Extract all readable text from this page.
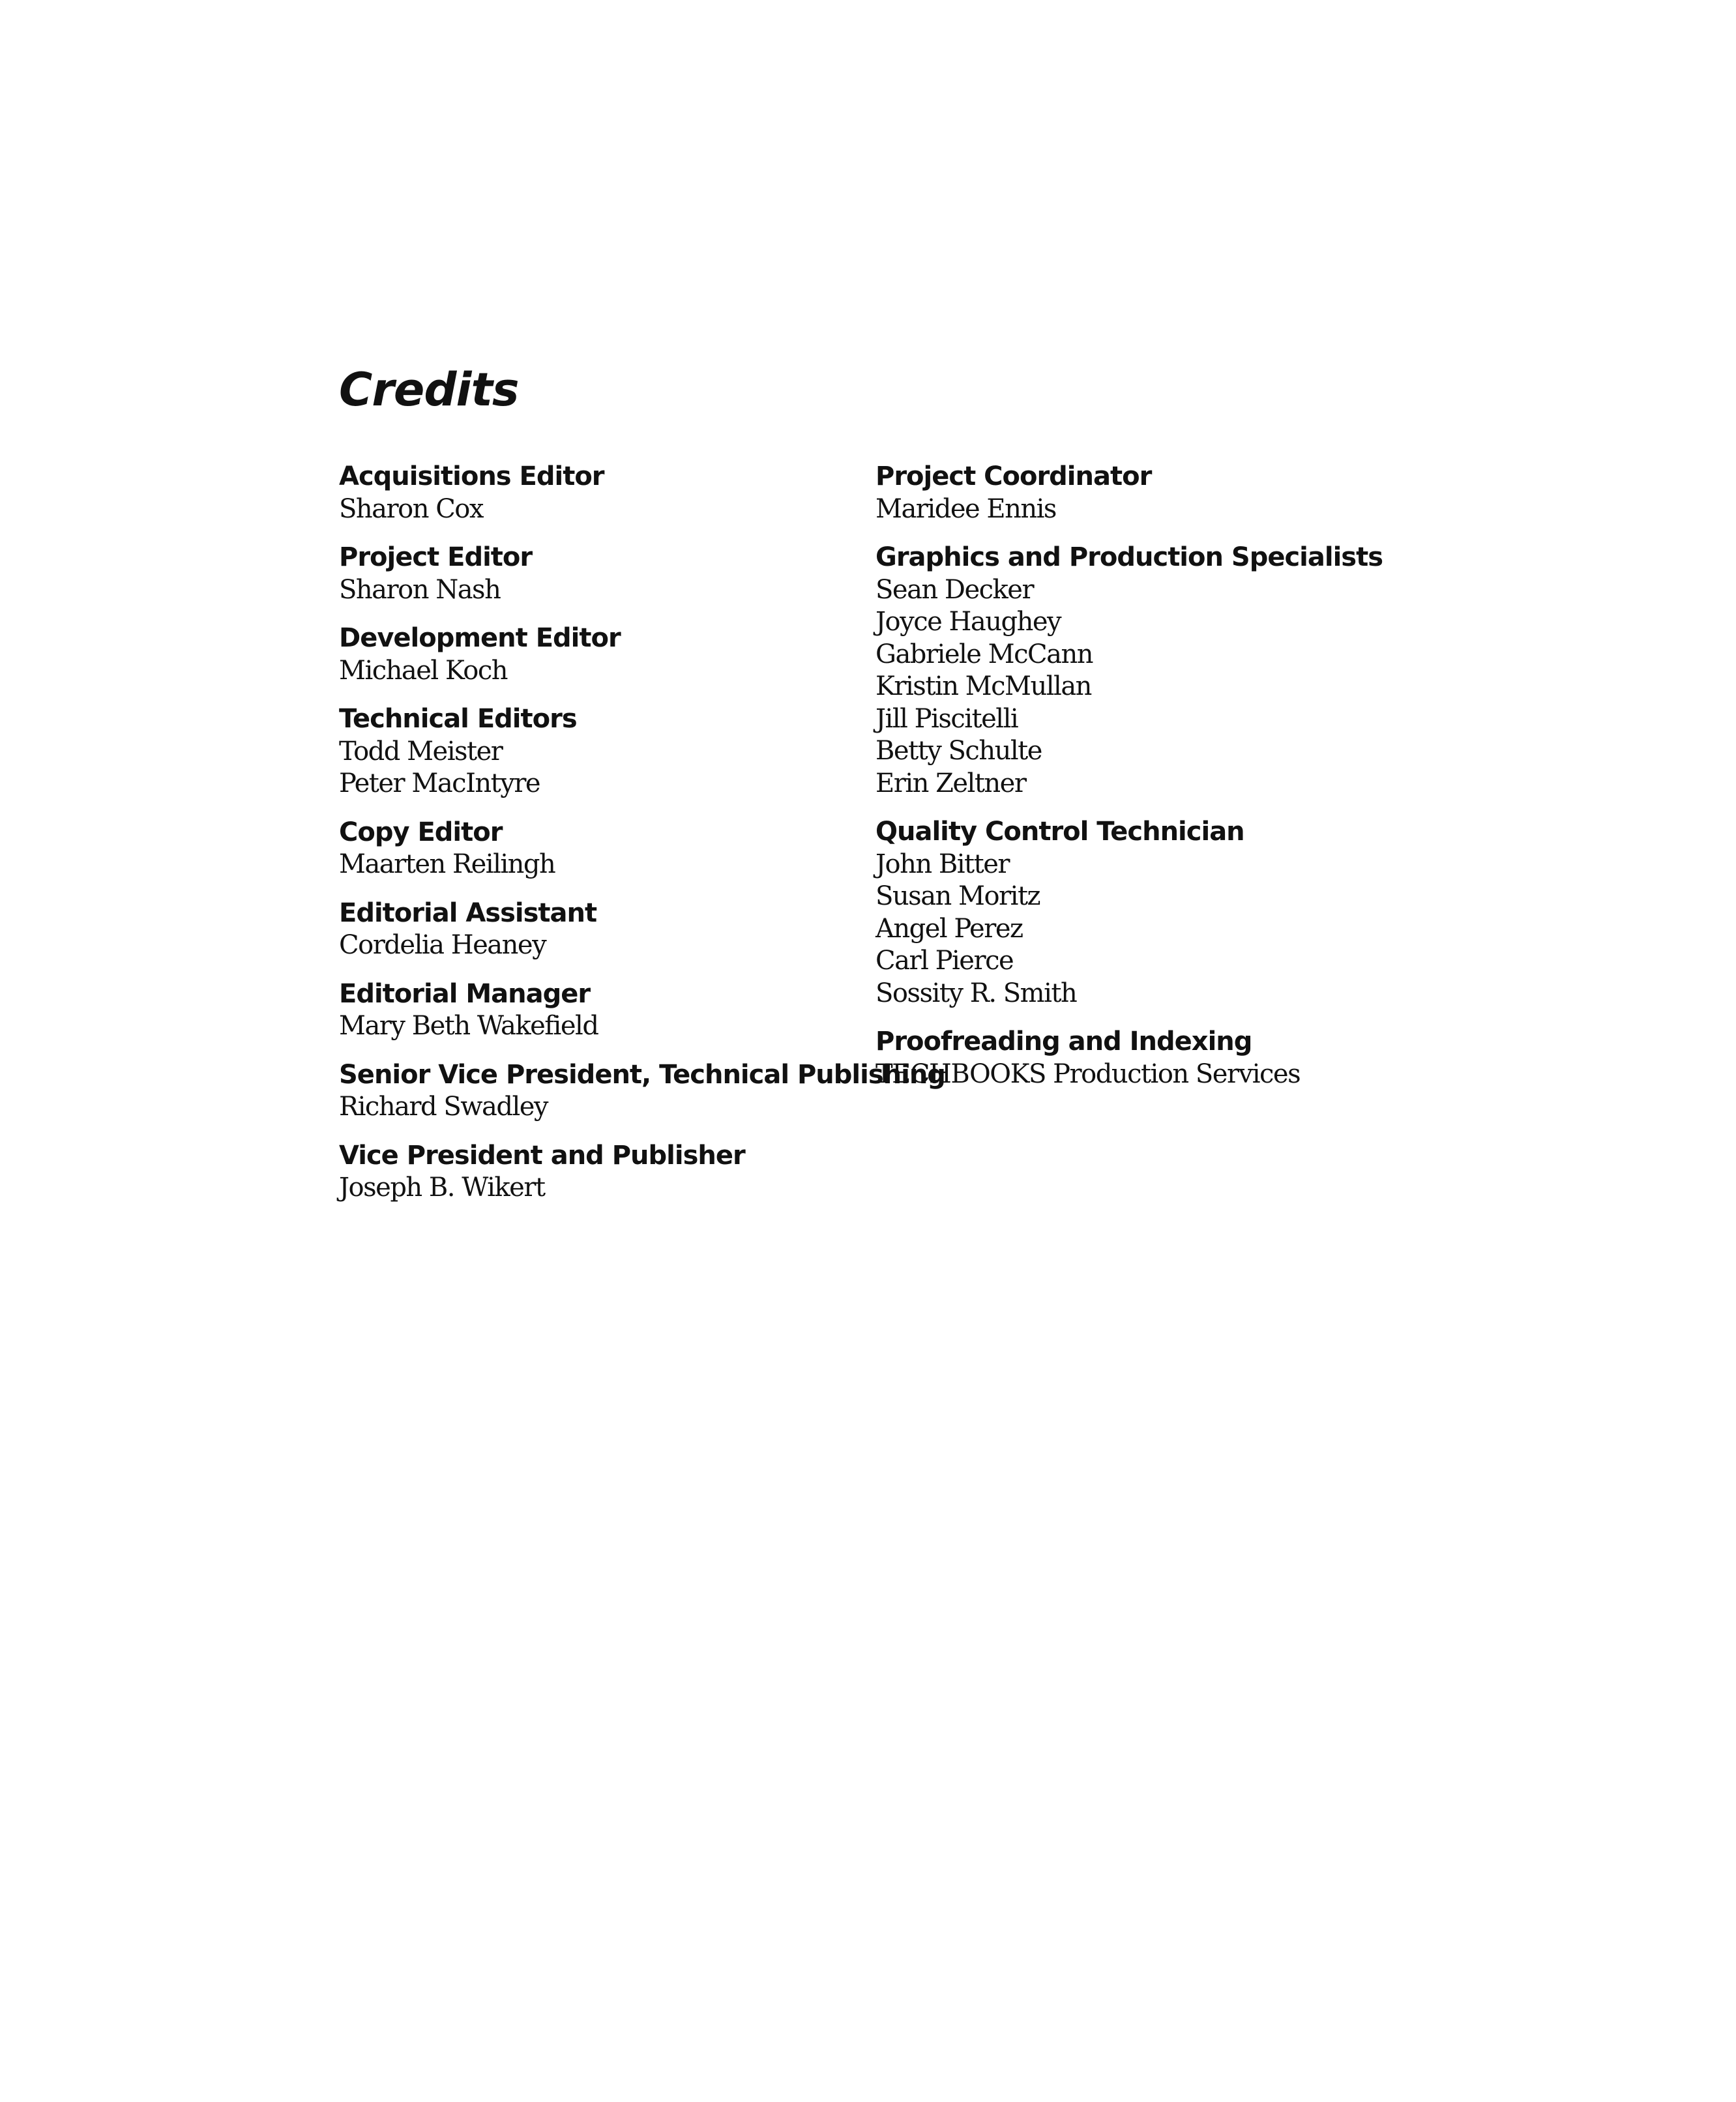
Credits
Acquisitions Editor
Sharon Cox
Project Editor
Sharon Nash
Development Editor
Michael Koch
Technical Editors
Todd Meister
Peter MacIntyre
Copy Editor
Maarten Reilingh
Editorial Assistant
Cordelia Heaney
Editorial Manager
Mary Beth Wakefield
Senior Vice President, Technical Publishing
Richard Swadley
Vice President and Publisher
Joseph B. Wikert
Project Coordinator
Maridee Ennis
Graphics and Production Specialists
Sean Decker
Joyce Haughey
Gabriele McCann
Kristin McMullan
Jill Piscitelli
Betty Schulte
Erin Zeltner
Quality Control Technician
John Bitter
Susan Moritz
Angel Perez
Carl Pierce
Sossity R. Smith
Proofreading and Indexing
TECHBOOKS Production Services
